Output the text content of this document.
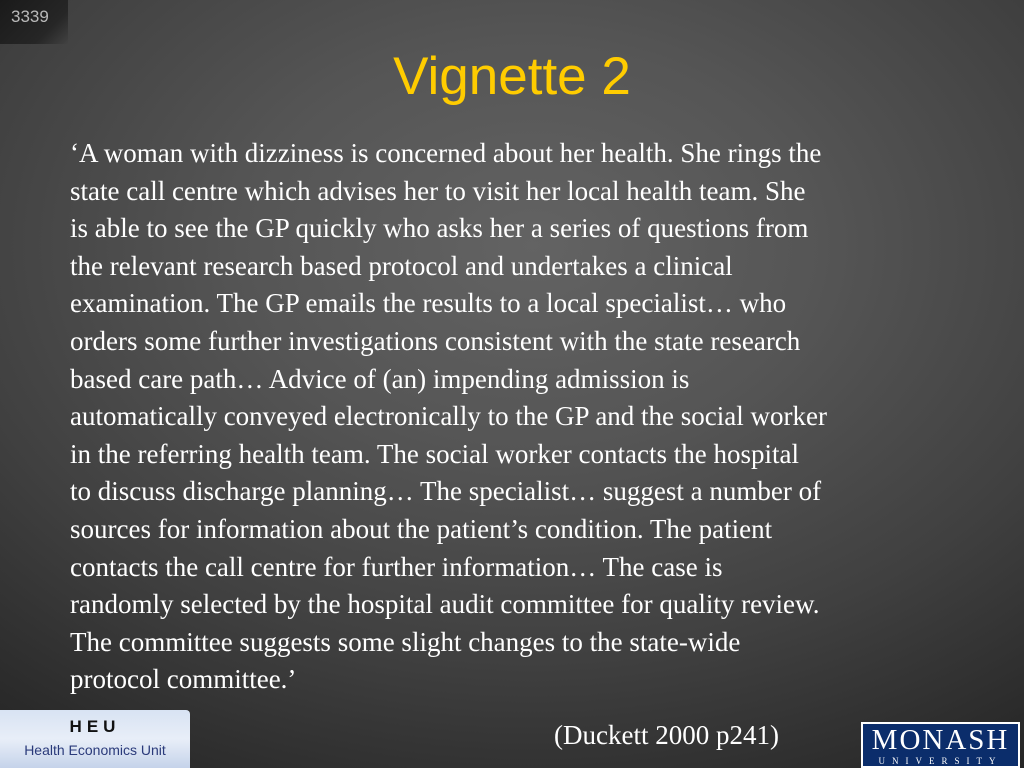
3339
Vignette 2

‘A woman with dizziness is concerned about her health. She rings the
state call centre which advises her to visit her local health team. She
is able to see the GP quickly who asks her a series of questions from
the relevant research based protocol and undertakes a clinical
examination. The GP emails the results to a local specialist… who
orders some further investigations consistent with the state research
based care path… Advice of (an) impending admission is
automatically conveyed electronically to the GP and the social worker
in the referring health team. The social worker contacts the hospital
to discuss discharge planning… The specialist… suggest a number of
sources for information about the patient’s condition. The patient
contacts the call centre for further information… The case is
randomly selected by the hospital audit committee for quality review.
The committee suggests some slight changes to the state-wide
protocol committee.’

(Duckett 2000 p241)
HEU
Health Economics Unit	MONASH
UNIVERSITY
